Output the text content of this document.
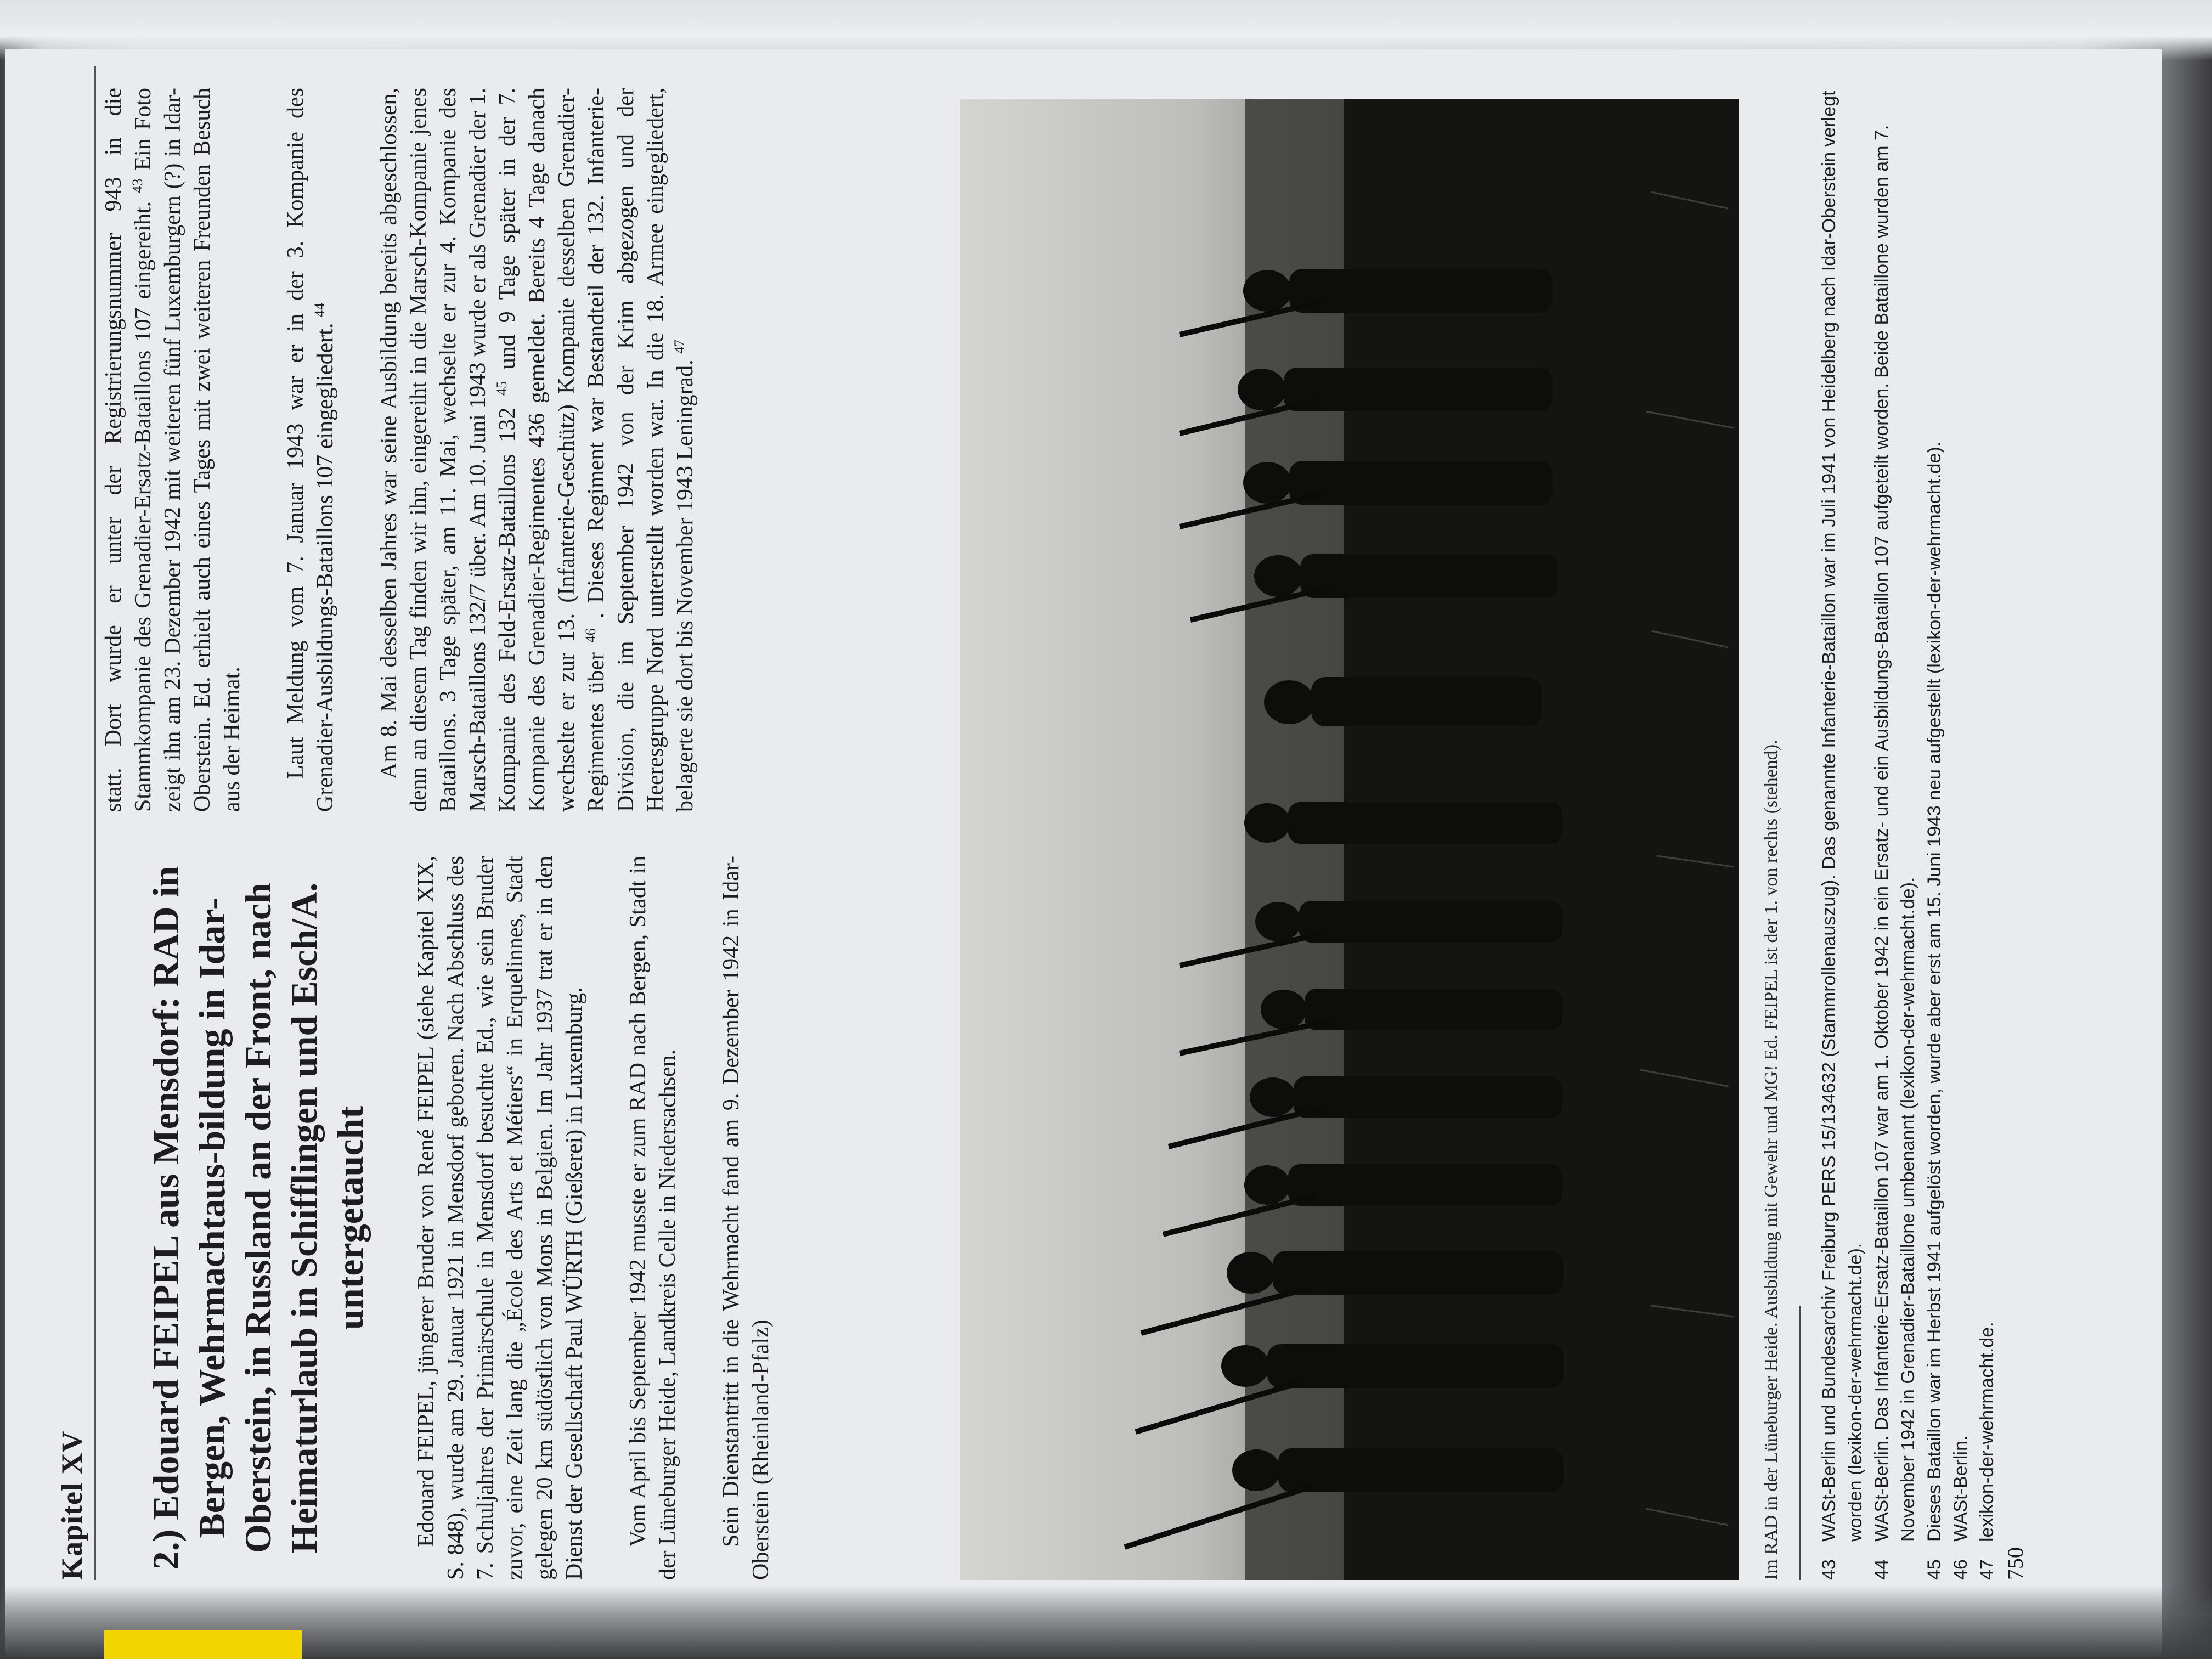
Kapitel XV 2.) Edouard FEIPEL aus Mensdorf: RAD in Bergen, Wehrmachtaus-bildung in Idar-Oberstein, in Russland an der Front, nach Heimaturlaub in Schifflingen und Esch/A. untergetaucht Edouard FEIPEL, jüngerer Bruder von René FEIPEL (siehe Kapitel XIX, S. 848), wurde am 29. Januar 1921 in Mensdorf geboren. Nach Abschluss des 7. Schuljahres der Primärschule in Mensdorf besuchte Ed., wie sein Bruder zuvor, eine Zeit lang die „École des Arts et Métiers“ in Erquelinnes, Stadt gelegen 20 km südöstlich von Mons in Belgien. Im Jahr 1937 trat er in den Dienst der Gesellschaft Paul WÜRTH (Gießerei) in Luxemburg. Vom April bis September 1942 musste er zum RAD nach Bergen, Stadt in der Lüneburger Heide, Landkreis Celle in Niedersachsen. Sein Dienstantritt in die Wehrmacht fand am 9. Dezember 1942 in Idar-Oberstein (Rheinland-Pfalz)

statt. Dort wurde er unter der Registrierungsnummer 943 in die Stammkompanie des Grenadier-Ersatz-Bataillons 107 eingereiht. $^{43}$ Ein Foto zeigt ihn am 23. Dezember 1942 mit weiteren fünf Luxemburgern (?) in Idar-Oberstein. Ed. erhielt auch eines Tages mit zwei weiteren Freunden Besuch aus der Heimat. Laut Meldung vom 7. Januar 1943 war er in der 3. Kompanie des Grenadier-Ausbildungs-Bataillons 107 eingegliedert. $^{44}$	Am 8. Mai desselben Jahres war seine Ausbildung bereits abgeschlossen, denn an diesem Tag finden wir ihn, eingereiht in die Marsch-Kompanie jenes Bataillons. 3 Tage später, am 11. Mai, wechselte er zur 4. Kompanie des Marsch-Bataillons 132/7 über. Am 10. Juni 1943 wurde er als Grenadier der 1. Kompanie des Feld-Ersatz-Bataillons 132 $^{45}$ und 9 Tage später in der 7. Kompanie des Grenadier-Regimentes 436 gemeldet. Bereits 4 Tage danach wechselte er zur 13. (Infanterie-Geschütz) Kompanie desselben Grenadier-Regimentes über $^{46}$ . Dieses Regiment war Bestandteil der 132. Infanterie-Division, die im September 1942 von der Krim abgezogen und der Heeresgruppe Nord unterstellt worden war. In die 18. Armee eingegliedert, belagerte sie dort bis November 1943 Leningrad. $^{47}$

Im RAD in der Lüneburger Heide. Ausbildung mit Gewehr und MG! Ed. FEIPEL ist der 1. von rechts (stehend). 43
WASt-Berlin und Bundesarchiv Freiburg PERS 15/134632 (Stammrollenauszug). Das genannte Infanterie-Bataillon war im Juli 1941 von Heidelberg nach Idar-Oberstein verlegt worden (lexikon-der-wehrmacht.de).
44
WASt-Berlin. Das Infanterie-Ersatz-Bataillon 107 war am 1. Oktober 1942 in ein Ersatz- und ein Ausbildungs-Bataillon 107 aufgeteilt worden. Beide Bataillone wurden am 7. November 1942 in Grenadier-Bataillone umbenannt (lexikon-der-wehrmacht.de).
45
Dieses Bataillon war im Herbst 1941 aufgelöst worden, wurde aber erst am 15. Juni 1943 neu aufgestellt (lexikon-der-wehrmacht.de).
46
WASt-Berlin.
47
lexikon-der-wehrmacht.de.
750
